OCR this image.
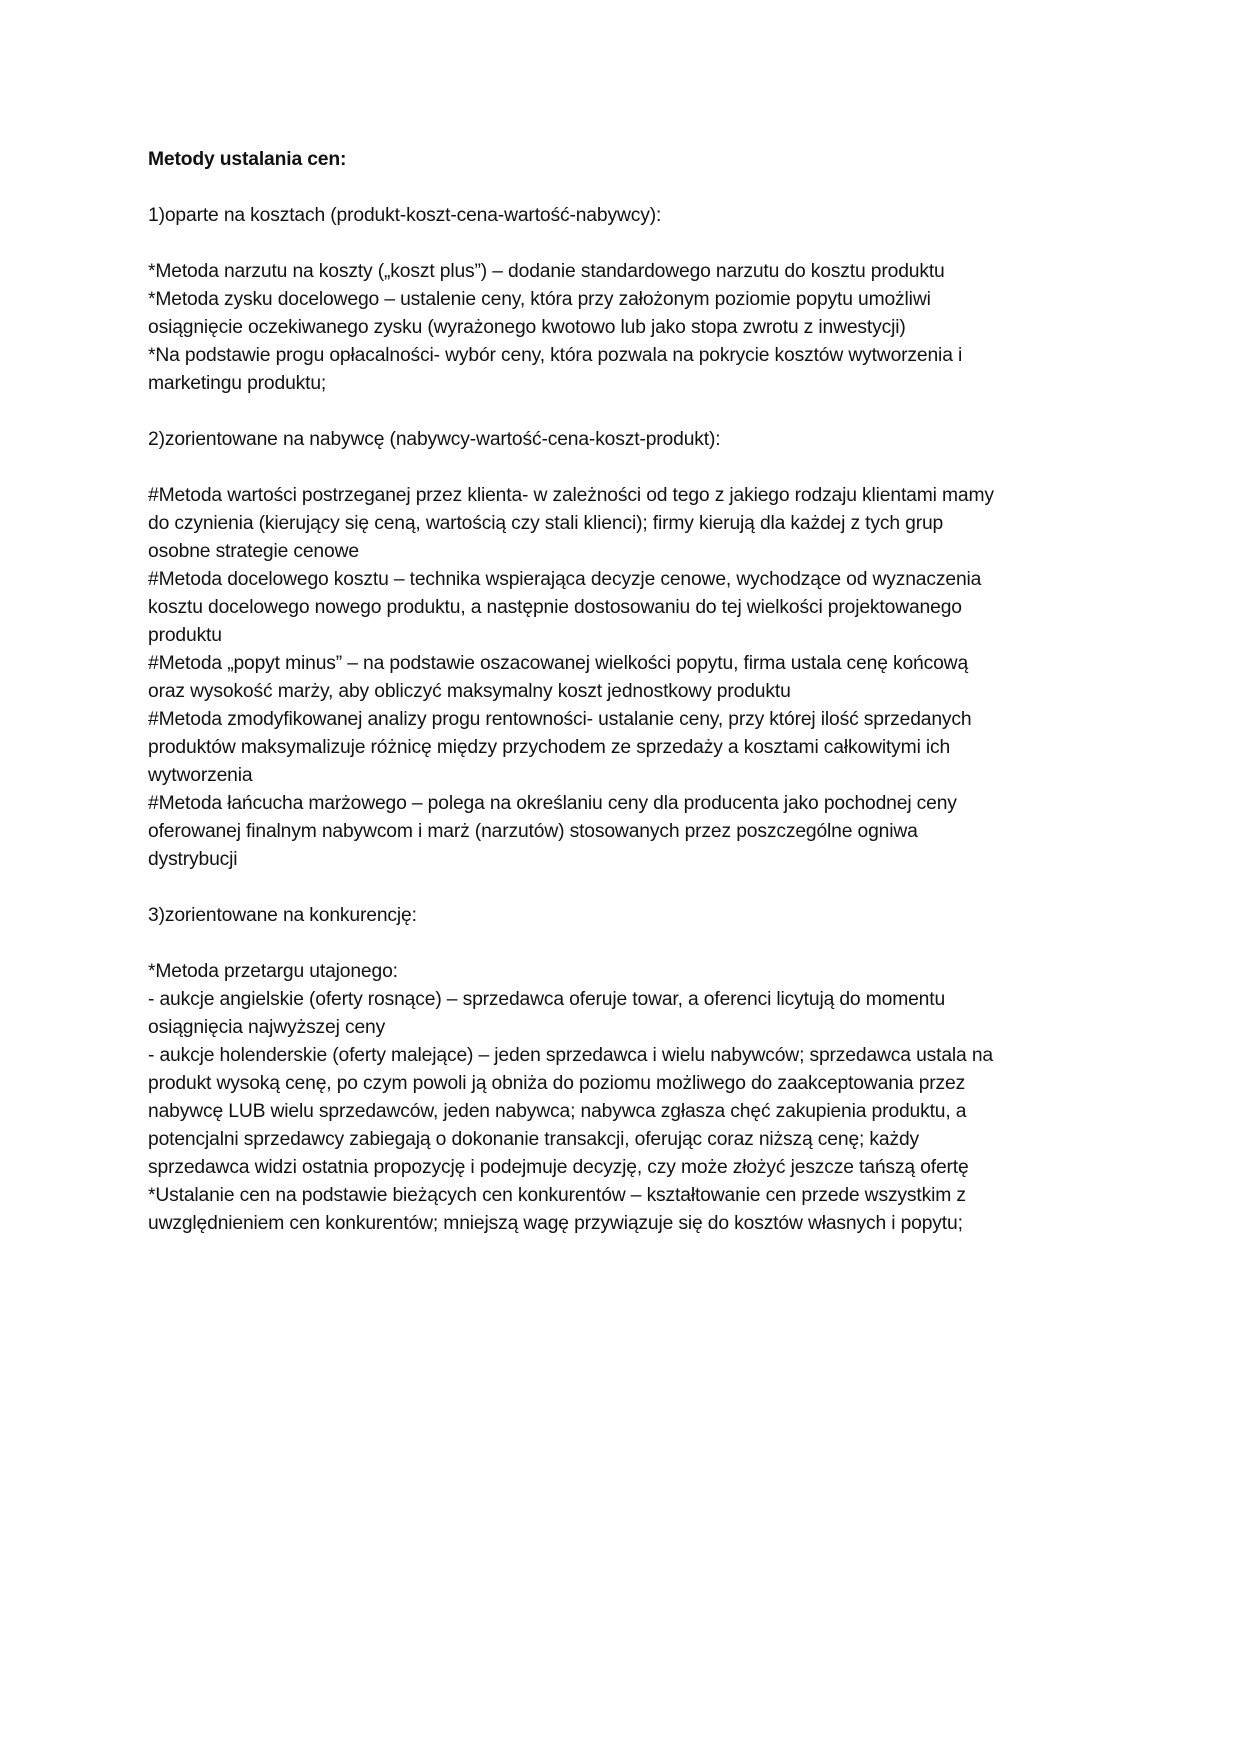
Metody ustalania cen:
1)oparte na kosztach (produkt-koszt-cena-wartość-nabywcy):
*Metoda narzutu na koszty („koszt plus”) – dodanie standardowego narzutu do kosztu produktu
*Metoda zysku docelowego – ustalenie ceny, która przy założonym poziomie popytu umożliwi
osiągnięcie oczekiwanego zysku (wyrażonego kwotowo lub jako stopa zwrotu z inwestycji)
*Na podstawie progu opłacalności- wybór ceny, która pozwala na pokrycie kosztów wytworzenia i
marketingu produktu;
2)zorientowane na nabywcę (nabywcy-wartość-cena-koszt-produkt):
#Metoda wartości postrzeganej przez klienta- w zależności od tego z jakiego rodzaju klientami mamy
do czynienia (kierujący się ceną, wartością czy stali klienci); firmy kierują dla każdej z tych grup
osobne strategie cenowe
#Metoda docelowego kosztu – technika wspierająca decyzje cenowe, wychodzące od wyznaczenia
kosztu docelowego nowego produktu, a następnie dostosowaniu do tej wielkości projektowanego
produktu
#Metoda „popyt minus” – na podstawie oszacowanej wielkości popytu, firma ustala cenę końcową
oraz wysokość marży, aby obliczyć maksymalny koszt jednostkowy produktu
#Metoda zmodyfikowanej analizy progu rentowności- ustalanie ceny, przy której ilość sprzedanych
produktów maksymalizuje różnicę między przychodem ze sprzedaży a kosztami całkowitymi ich
wytworzenia
#Metoda łańcucha marżowego – polega na określaniu ceny dla producenta jako pochodnej ceny
oferowanej finalnym nabywcom i marż (narzutów) stosowanych przez poszczególne ogniwa
dystrybucji
3)zorientowane na konkurencję:
*Metoda przetargu utajonego:
- aukcje angielskie (oferty rosnące) – sprzedawca oferuje towar, a oferenci licytują do momentu
osiągnięcia najwyższej ceny
- aukcje holenderskie (oferty malejące) – jeden sprzedawca i wielu nabywców; sprzedawca ustala na
produkt wysoką cenę, po czym powoli ją obniża do poziomu możliwego do zaakceptowania przez
nabywcę LUB wielu sprzedawców, jeden nabywca; nabywca zgłasza chęć zakupienia produktu, a
potencjalni sprzedawcy zabiegają o dokonanie transakcji, oferując coraz niższą cenę; każdy
sprzedawca widzi ostatnia propozycję i podejmuje decyzję, czy może złożyć jeszcze tańszą ofertę
*Ustalanie cen na podstawie bieżących cen konkurentów – kształtowanie cen przede wszystkim z
uwzględnieniem cen konkurentów; mniejszą wagę przywiązuje się do kosztów własnych i popytu;
